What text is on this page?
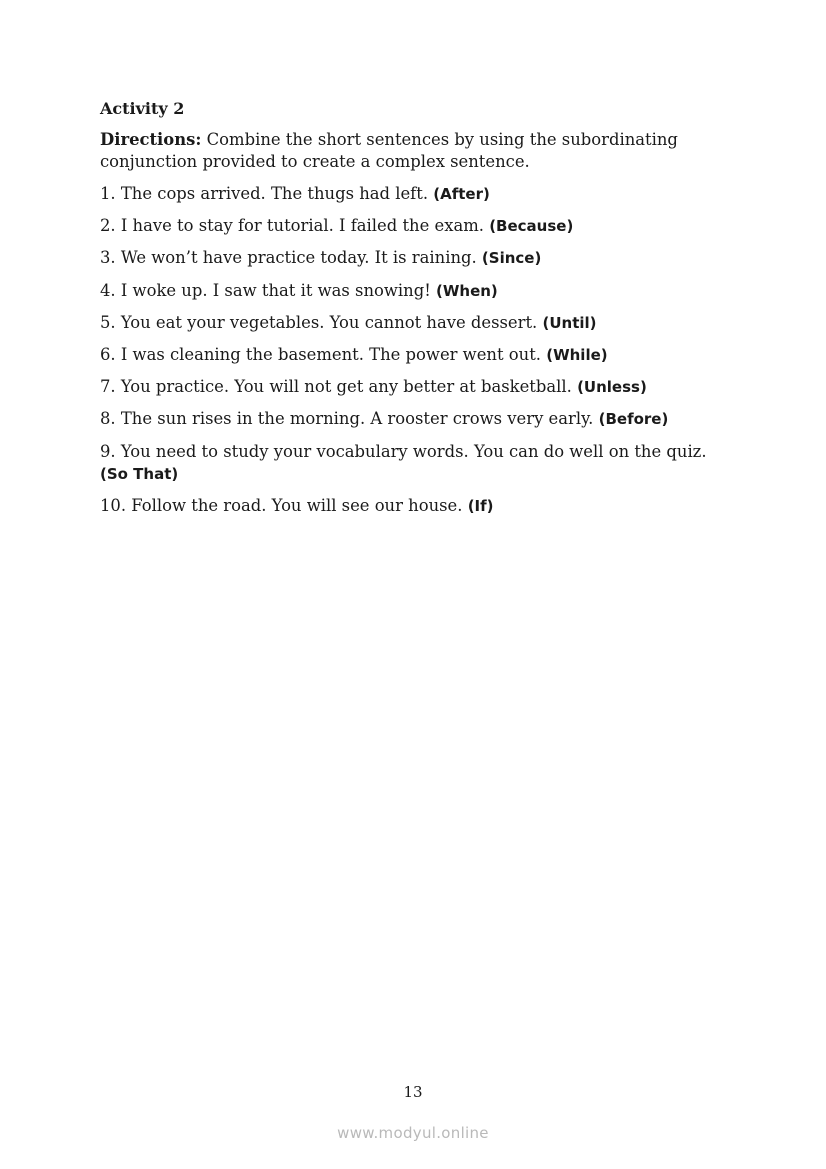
Activity 2

Directions: Combine the short sentences by using the subordinating conjunction provided to create a complex sentence.

1. The cops arrived. The thugs had left. (After)
2. I have to stay for tutorial. I failed the exam. (Because)
3. We won’t have practice today. It is raining. (Since)
4. I woke up. I saw that it was snowing! (When)
5. You eat your vegetables. You cannot have dessert. (Until)
6. I was cleaning the basement. The power went out. (While)
7. You practice. You will not get any better at basketball. (Unless)
8. The sun rises in the morning. A rooster crows very early. (Before)
9. You need to study your vocabulary words. You can do well on the quiz.
(So That)
10. Follow the road. You will see our house. (If)
13
www.modyul.online
